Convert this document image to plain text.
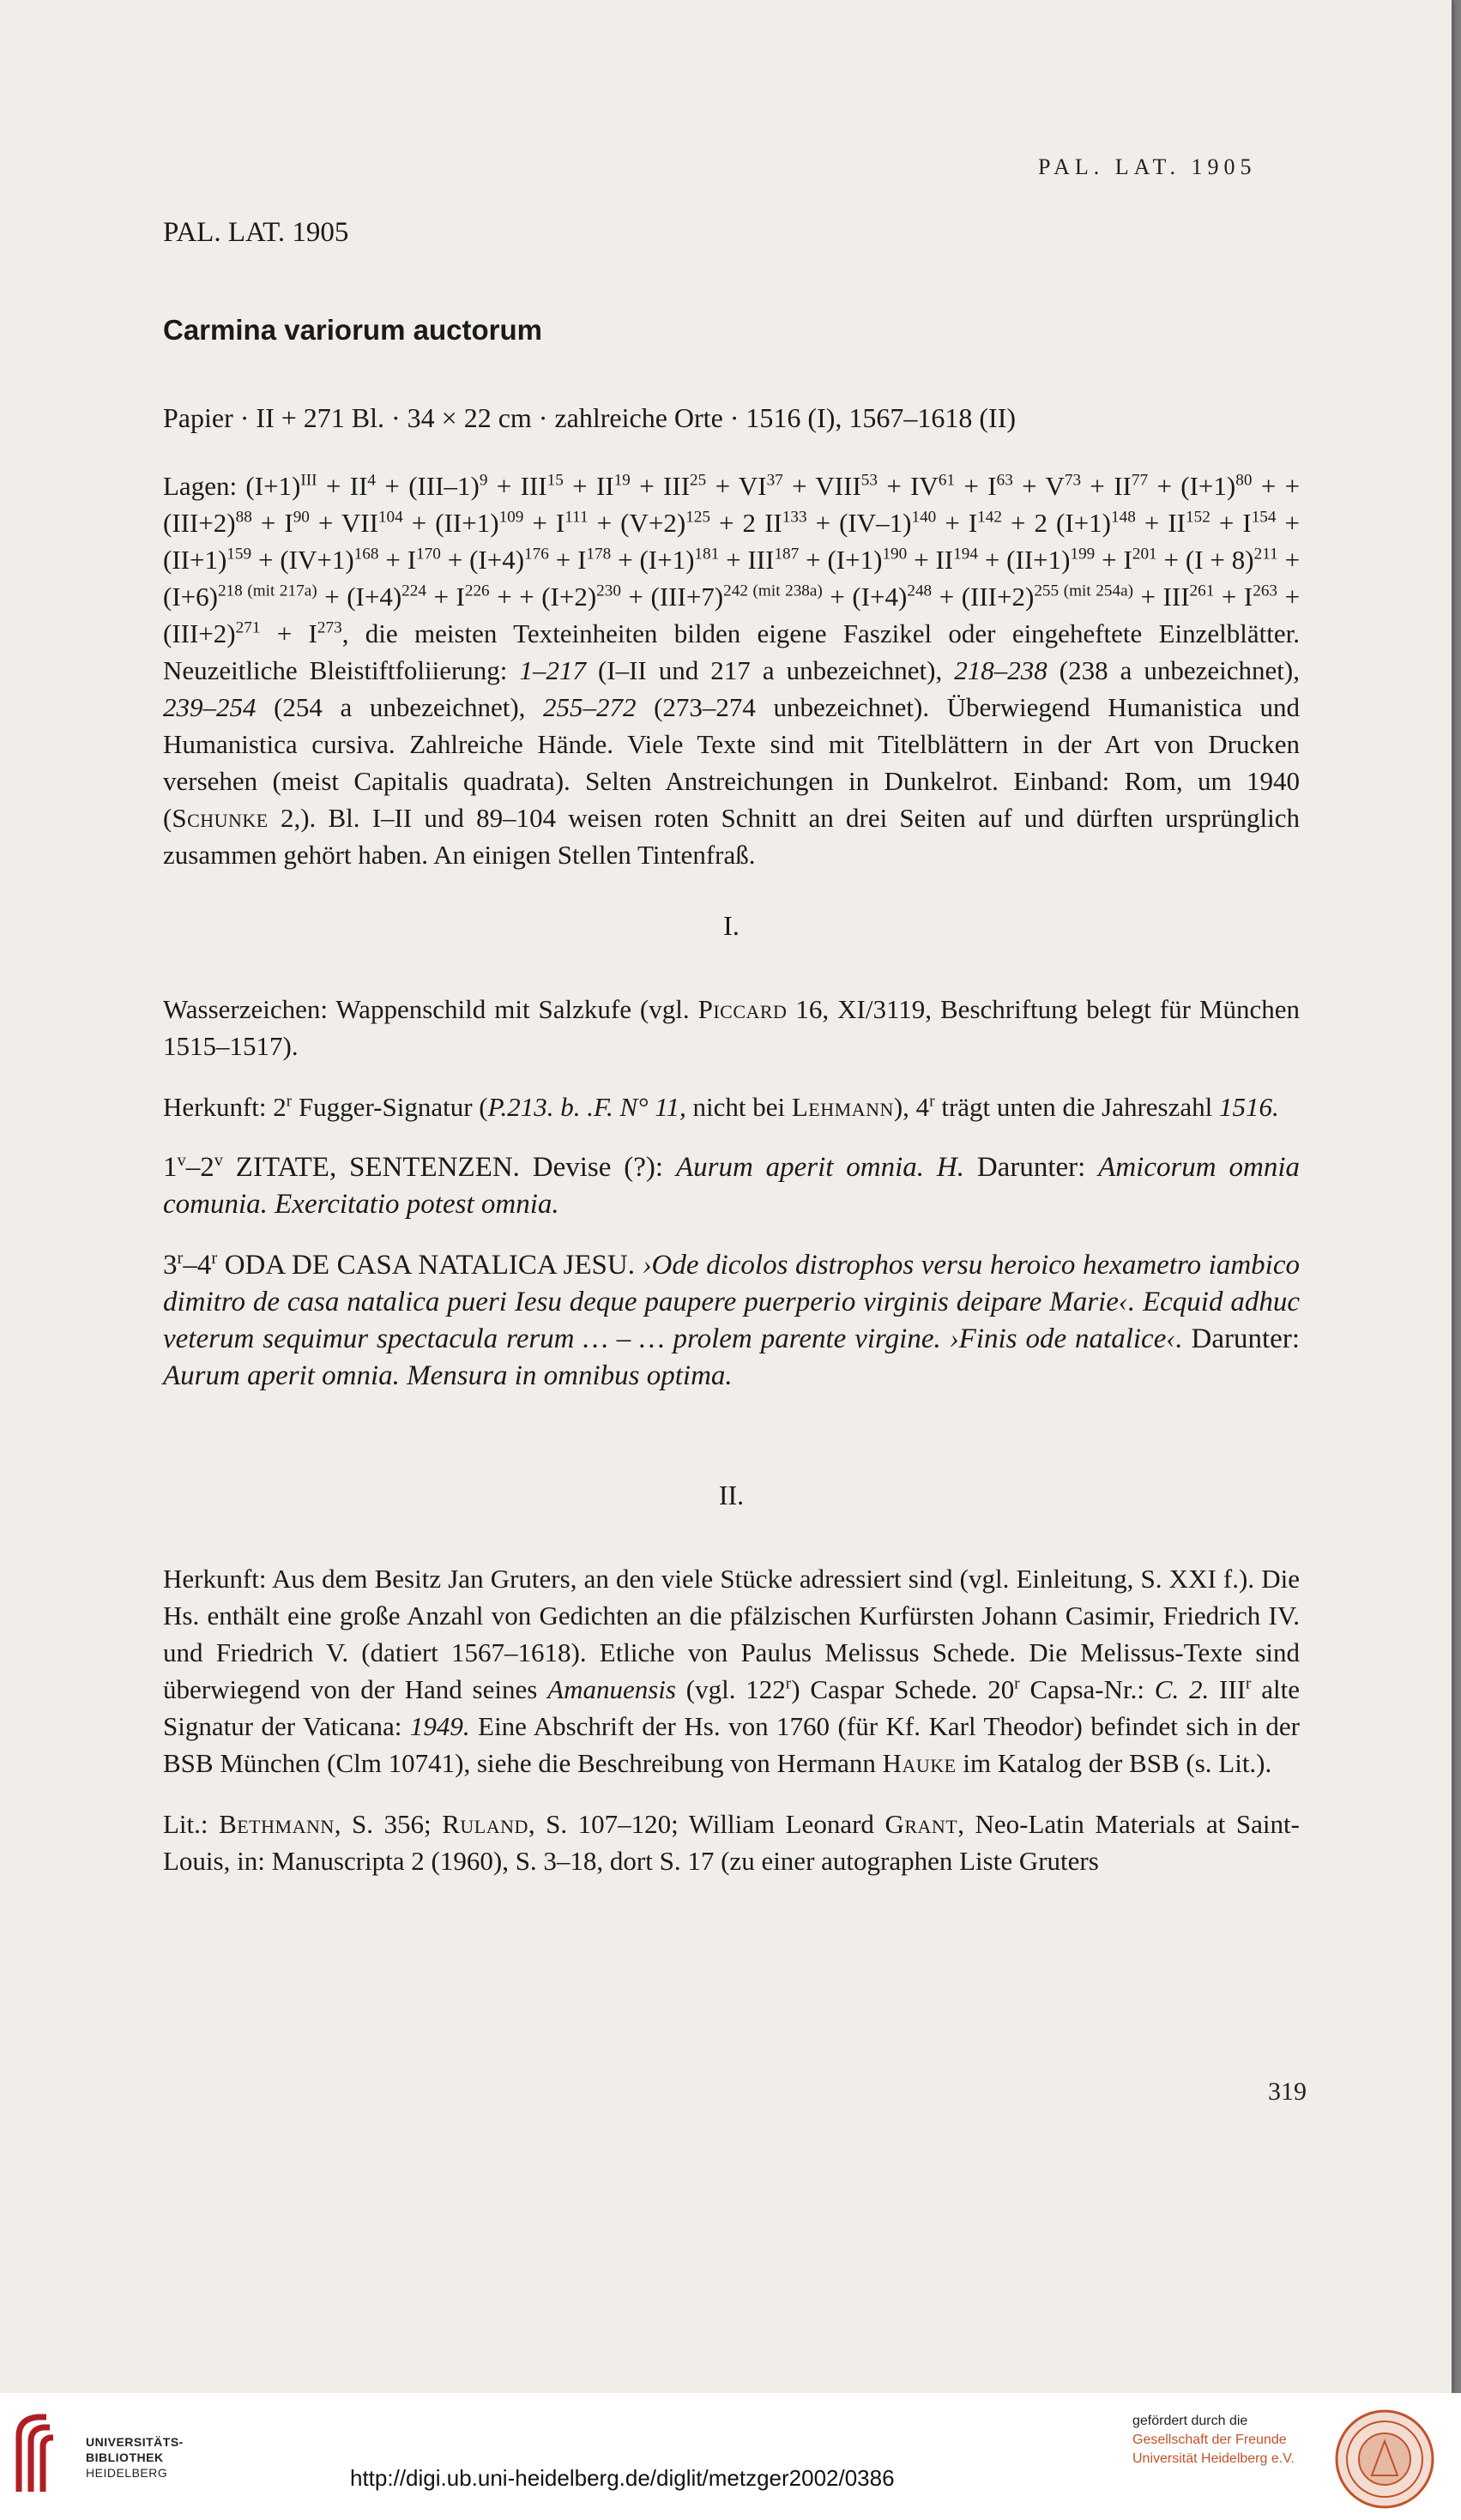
PAL. LAT. 1905

PAL. LAT. 1905

Carmina variorum auctorum

Papier · II + 271 Bl. · 34 × 22 cm · zahlreiche Orte · 1516 (I), 1567–1618 (II)

Lagen: $(I+1)^{III} + II^4 + (III-1)^9 + III^{15} + II^{19} + III^{25} + VI^{37}$ + $VIII^{53} + IV^{61} + I^{63} + V^{73} + II^{77} + (I+1)^{80}$ + + $(III+2)^{88} + I^{90} + VII^{104} + (II+1)^{109} + I^{111} + (V+2)^{125} + 2$ $II^{133} + (IV-1)^{140} + I^{142} + 2$ $(I+1)^{148} + II^{152} + I^{154} + (II+1)^{159} + (IV+1)^{168} + I^{170} + (I+4)^{176} + I^{178} + (I+1)^{181} + III^{187} + (I+1)^{190} + II^{194} + (II+1)^{199} + I^{201} + (I + 8)^{211} + (I+6)^{218 (mit 217a)} + (I+4)^{224} + I^{226}$ + + $(I+2)^{230} + (III+7)^{242 (mit 238a)} + (I+4)^{248} + (III+2)^{255 (mit 254a)} + III^{261} + I^{263} + (III+2)^{271} + I^{273}$, die meisten Texteinheiten bilden eigene Faszikel oder eingeheftete Einzelblätter. Neuzeitliche Bleistiftfoliierung: 1–217 (I–II und 217 a unbezeichnet), 218–238 (238 a unbezeichnet), 239–254 (254 a unbezeichnet), 255–272 (273–274 unbezeichnet). Überwiegend Humanistica und Humanistica cursiva. Zahlreiche Hände. Viele Texte sind mit Titelblättern in der Art von Drucken versehen (meist Capitalis quadrata). Selten Anstreichungen in Dunkelrot. Einband: Rom, um 1940 (Schunke 2,). Bl. I–II und 89–104 weisen roten Schnitt an drei Seiten auf und dürften ursprünglich zusammen gehört haben. An einigen Stellen Tintenfraß.

I.

Wasserzeichen: Wappenschild mit Salzkufe (vgl. Piccard 16, XI/3119, Beschriftung belegt für München 1515–1517).

Herkunft: 2$^r$ Fugger-Signatur (P.213. b. .F. N° 11, nicht bei Lehmann), 4$^r$ trägt unten die Jahreszahl 1516.

1$^v$–2$^v$ ZITATE, SENTENZEN. Devise (?): Aurum aperit omnia. H. Darunter: Amicorum omnia comunia. Exercitatio potest omnia.

3$^r$–4$^r$ ODA DE CASA NATALICA JESU. ›Ode dicolos distrophos versu heroico hexametro iambico dimitro de casa natalica pueri Iesu deque paupere puerperio virginis deipare Marie‹. Ecquid adhuc veterum sequimur spectacula rerum … – … prolem parente virgine. ›Finis ode natalice‹. Darunter: Aurum aperit omnia. Mensura in omnibus optima.

II.

Herkunft: Aus dem Besitz Jan Gruters, an den viele Stücke adressiert sind (vgl. Einleitung, S. XXI f.). Die Hs. enthält eine große Anzahl von Gedichten an die pfälzischen Kurfürsten Johann Casimir, Friedrich IV. und Friedrich V. (datiert 1567–1618). Etliche von Paulus Melissus Schede. Die Melissus-Texte sind überwiegend von der Hand seines Amanuensis (vgl. 122$^r$) Caspar Schede. 20$^r$ Capsa-Nr.: C. 2. III$^r$ alte Signatur der Vaticana: 1949. Eine Abschrift der Hs. von 1760 (für Kf. Karl Theodor) befindet sich in der BSB München (Clm 10741), siehe die Beschreibung von Hermann Hauke im Katalog der BSB (s. Lit.).

Lit.: Bethmann, S. 356; Ruland, S. 107–120; William Leonard Grant, Neo-Latin Materials at Saint-Louis, in: Manuscripta 2 (1960), S. 3–18, dort S. 17 (zu einer autographen Liste Gruters

319
UNIVERSITÄTS-
BIBLIOTHEK
HEIDELBERG	http://digi.ub.uni-heidelberg.de/diglit/metzger2002/0386
gefördert durch die
Gesellschaft der Freunde
Universität Heidelberg e.V.
